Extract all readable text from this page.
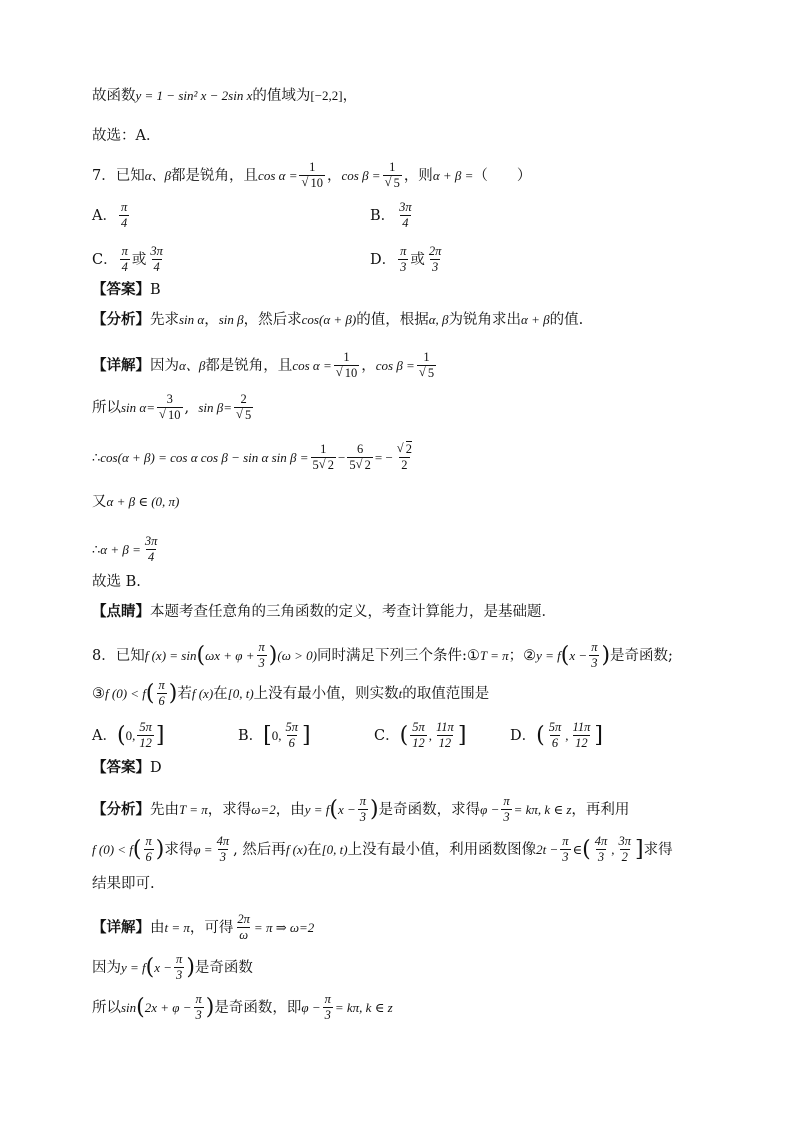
故函数 y = 1 − sin² x − 2sin x 的值域为 [−2,2] ，
故选：A．
7．已知 α、β 都是锐角，且 cos α = 1
√ 10 ， cos β = 1
√ 5 ，则 α + β = （　　）
A． $\frac{\pi}{4}$	B． $\frac{3\pi}{4}$
C． $\frac{\pi}{4}$ 或 $\frac{3\pi}{4}$	D． $\frac{\pi}{3}$ 或 $\frac{2\pi}{3}$
【答案】 B
【分析】 先求 sin α ， sin β ，然后求 cos(α + β) 的值，根据 α, β 为锐角求出 α + β 的值.
【详解】 因为 α、β 都是锐角，且 cos α = 1
√ 10 ， cos β = 1
√ 5
所以 sin α= 3
√ 10 , sin β= 2
√ 5
∴ cos(α + β) = cos α cos β − sin α $\sin \beta = \frac{1}{5 √ 2} - \frac{6}{5 √ 2}$ = − √ $\frac{2}{2}$
又 α + β ∈ (0, π)
∴ $\alpha + \beta = \frac{3\pi}{4}$
故选 B.
【点睛】 本题考查任意角的三角函数的定义，考查计算能力，是基础题．
8．已知 f (x) = sin ( $\omega x + \varphi + \frac{\pi}{3}$ ) (ω > 0) 同时满足下列三个条件: ① T = π ； ② y = f ( $x - \frac{\pi}{3}$ ) 是奇函数;
③ f (0) < f ( $\frac{\pi}{6}$ ) 若 f (x) 在 [0, t) 上没有最小值，则实数 t 的取值范围是
A． ( 0 , $\frac{5\pi}{12}$ ]	B． [ 0 , $\frac{5\pi}{6}$ ]	C． ( $\frac{5\pi}{12}$ , $\frac{11\pi}{12}$ ]	D． ( $\frac{5\pi}{6}$ , $\frac{11\pi}{12}$ ]
【答案】 D
【分析】 先由 T = π ，求得 ω=2 ，由 y = f ( $x - \frac{\pi}{3}$ ) 是奇函数，求得 $\varphi - \frac{\pi}{3} = k\pi$, k ∈ z ，再利用
f (0) < f ( $\frac{\pi}{6}$ ) 求得 $\varphi = \frac{4\pi}{3}$ , 然后再 f (x) 在 [0, t) 上没有最小值，利用函数图像 $2t - \frac{\pi}{3}$ ∈ ( $\frac{4\pi}{3}$ , $\frac{3\pi}{2}$ ] 求得
结果即可.
【详解】 由 t = π ，可得 $\frac{2\pi}{\omega} = \pi$ ⇒ ω=2
因为 y = f ( $x - \frac{\pi}{3}$ ) 是奇函数
所以 sin ( $2x + \varphi - \frac{\pi}{3}$ ) 是奇函数，即 $\varphi - \frac{\pi}{3} = k\pi$, k ∈ z
